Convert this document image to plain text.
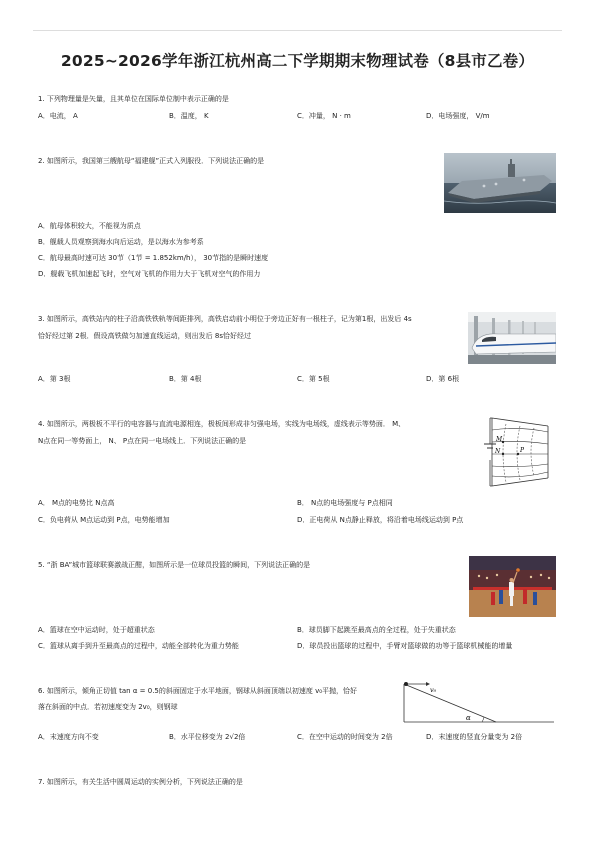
2025~2026学年浙江杭州高二下学期期末物理试卷（8县市乙卷）
1. 下列物理量是矢量，且其单位在国际单位制中表示正确的是
A．电流， A	B．温度， K	C．冲量， N · m	D．电场强度， V/m
2. 如图所示，我国第三艘航母“福建舰”正式入列服役．下列说法正确的是
A．航母体积较大，不能视为质点
B．舰载人员观察到海水向后运动，是以海水为参考系
C．航母最高时速可达 30节（1节 = 1.852km/h）， 30节指的是瞬时速度
D．舰载飞机加速起飞时，空气对飞机的作用力大于飞机对空气的作用力
3. 如图所示，高铁站内的柱子沿高铁铁轨等间距排列，高铁启动前小明位于旁边正好有一根柱子，记为第1根，出发后 4s
恰好经过第 2根．假设高铁做匀加速直线运动，则出发后 8s恰好经过
A．第 3根	B．第 4根	C．第 5根	D．第 6根
4. 如图所示，两极板不平行的电容器与直流电源相连，极板间形成非匀强电场，实线为电场线，虚线表示等势面． M、
N点在同一等势面上， N、 P点在同一电场线上．下列说法正确的是	M
N	P
A． M点的电势比 N点高	B． N点的电场强度与 P点相同
C．负电荷从 M点运动到 P点，电势能增加	D．正电荷从 N点静止释放，将沿着电场线运动到 P点
5. “浙 BA”城市篮球联赛激战正酣，如图所示是一位球员投篮的瞬间，下列说法正确的是
A．篮球在空中运动时，处于超重状态	B．球员脚下起跳至最高点的全过程，处于失重状态
C．篮球从离手到升至最高点的过程中，动能全部转化为重力势能	D．球员投出篮球的过程中，手臂对篮球做的功等于篮球机械能的增量
6. 如图所示，倾角正切值 tan α = 0.5的斜面固定于水平地面，钢球从斜面顶端以初速度 v₀平抛，恰好
落在斜面的中点．若初速度变为 2v₀，则钢球
v₀
α
A．末速度方向不变	B．水平位移变为 2√2倍	C．在空中运动的时间变为 2倍	D．末速度的竖直分量变为 2倍
7. 如图所示，有关生活中圆周运动的实例分析，下列说法正确的是
